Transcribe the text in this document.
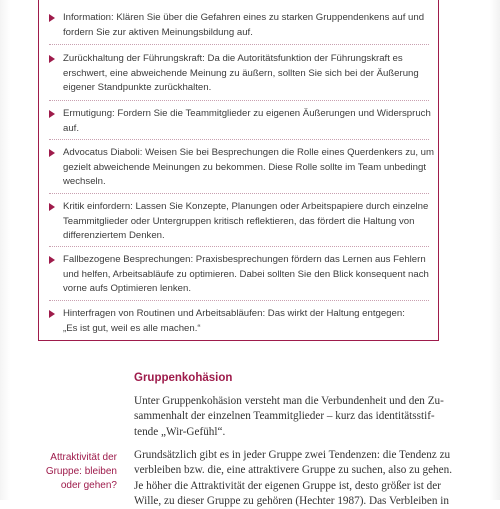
Information: Klären Sie über die Gefahren eines zu starken Gruppendenkens auf und
fordern Sie zur aktiven Meinungsbildung auf.
Zurückhaltung der Führungskraft: Da die Autoritätsfunktion der Führungskraft es
erschwert, eine abweichende Meinung zu äußern, sollten Sie sich bei der Äußerung
eigener Standpunkte zurückhalten.
Ermutigung: Fordern Sie die Teammitglieder zu eigenen Äußerungen und Widerspruch
auf.
Advocatus Diaboli: Weisen Sie bei Besprechungen die Rolle eines Querdenkers zu, um
gezielt abweichende Meinungen zu bekommen. Diese Rolle sollte im Team unbedingt
wechseln.
Kritik einfordern: Lassen Sie Konzepte, Planungen oder Arbeitspapiere durch einzelne
Teammitglieder oder Untergruppen kritisch reflektieren, das fördert die Haltung von
differenziertem Denken.
Fallbezogene Besprechungen: Praxisbesprechungen fördern das Lernen aus Fehlern
und helfen, Arbeitsabläufe zu optimieren. Dabei sollten Sie den Blick konsequent nach
vorne aufs Optimieren lenken.
Hinterfragen von Routinen und Arbeitsabläufen: Das wirkt der Haltung entgegen:
„Es ist gut, weil es alle machen.“
Gruppenkohäsion
Unter Gruppenkohäsion versteht man die Verbundenheit und den Zu-
sammenhalt der einzelnen Teammitglieder – kurz das identitätsstif-
tende „Wir-Gefühl“.
Attraktivität der
Gruppe: bleiben
oder gehen?
Grundsätzlich gibt es in jeder Gruppe zwei Tendenzen: die Tendenz zu
verbleiben bzw. die, eine attraktivere Gruppe zu suchen, also zu gehen.
Je höher die Attraktivität der eigenen Gruppe ist, desto größer ist der
Wille, zu dieser Gruppe zu gehören (Hechter 1987). Das Verbleiben in
